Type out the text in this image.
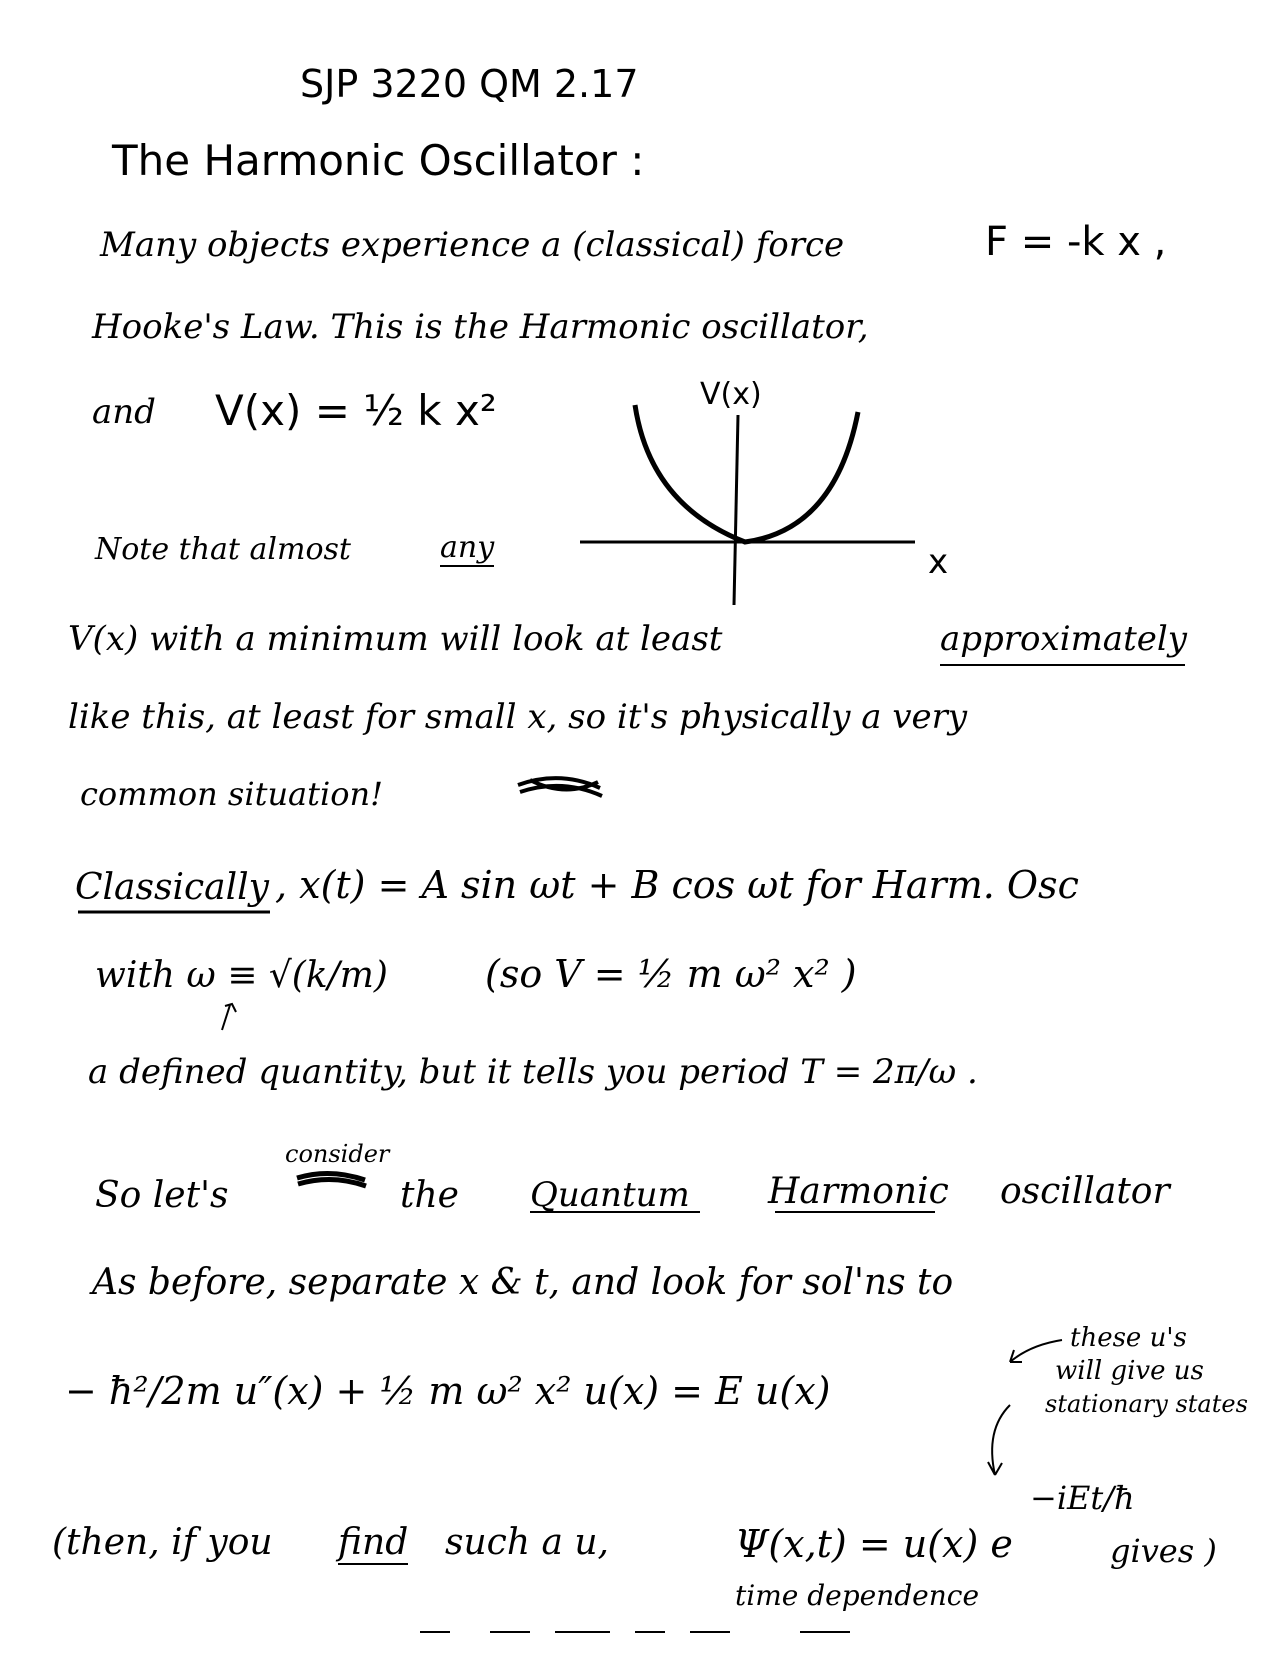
SJP 3220 QM 2.17
The Harmonic Oscillator :
Many objects experience a (classical) force	F = -k x ,
Hooke's Law. This is the Harmonic oscillator,
and V(x) = ½ k x²	V(x)
x
Note that almost	any
V(x) with a minimum will look at least	approximately
like this, at least for small x, so it's physically a very
common situation!
Classically , x(t) = A sin ωt + B cos ωt for Harm. Osc
with ω ≡ √(k/m)	(so V = ½ m ω² x² )
a defined quantity, but it tells you period T = 2π/ω .
consider
So let's	the Quantum Harmonic oscillator
As before, separate x & t, and look for sol'ns to
− ħ²/2m u″(x) + ½ m ω² x² u(x) = E u(x)
these u's
will give us
stationary states
(then, if you find such a u,	Ψ(x,t) = u(x) e
−iEt/ħ
gives )
time dependence
